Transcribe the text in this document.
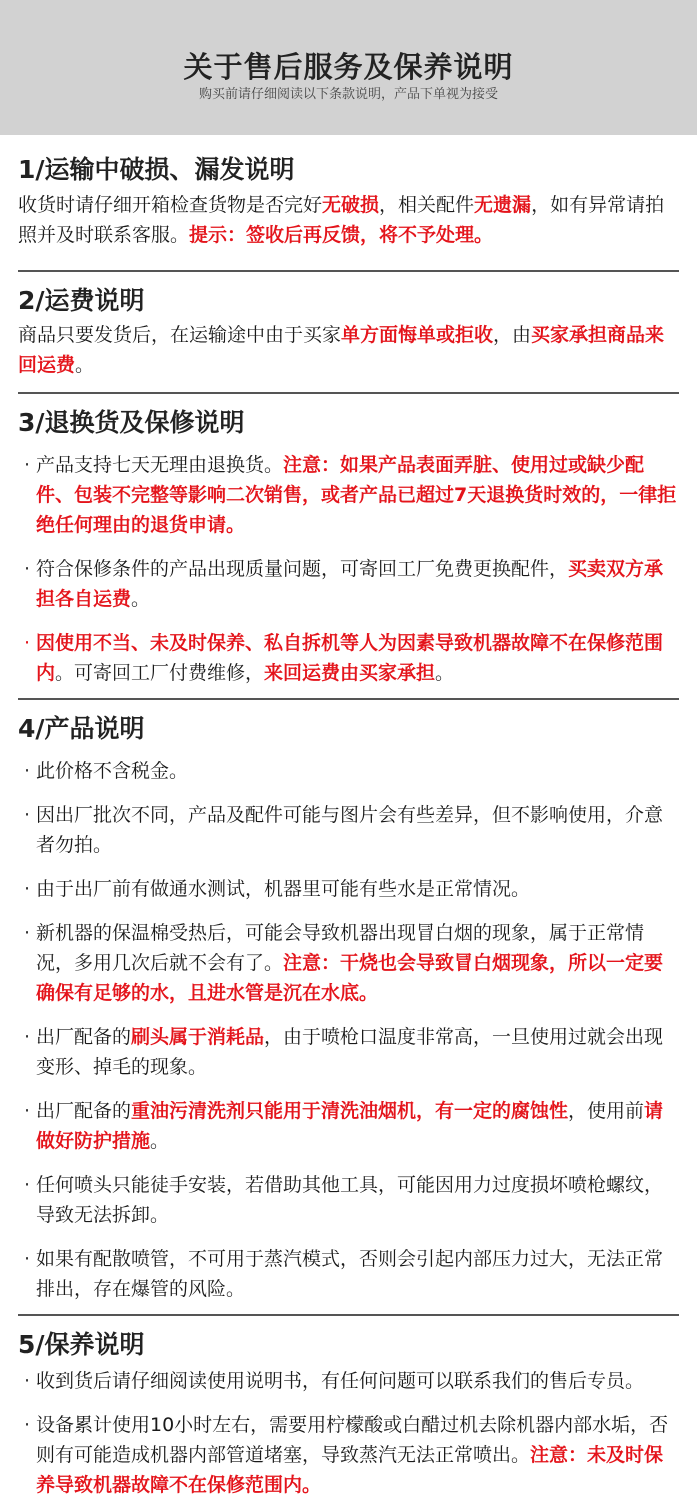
关于售后服务及保养说明
购买前请仔细阅读以下条款说明，产品下单视为接受
1/运输中破损、漏发说明

收货时请仔细开箱检查货物是否完好无破损，相关配件无遗漏，如有异常请拍照并及时联系客服。提示：签收后再反馈，将不予处理。

2/运费说明

商品只要发货后，在运输途中由于买家单方面悔单或拒收，由买家承担商品来回运费。

3/退换货及保修说明
· 产品支持七天无理由退换货。注意：如果产品表面弄脏、使用过或缺少配件、包装不完整等影响二次销售，或者产品已超过7天退换货时效的，一律拒绝任何理由的退货申请。
· 符合保修条件的产品出现质量问题，可寄回工厂免费更换配件，买卖双方承担各自运费。
· 因使用不当、未及时保养、私自拆机等人为因素导致机器故障不在保修范围内。可寄回工厂付费维修，来回运费由买家承担。
4/产品说明
· 此价格不含税金。
· 因出厂批次不同，产品及配件可能与图片会有些差异，但不影响使用，介意者勿拍。
· 由于出厂前有做通水测试，机器里可能有些水是正常情况。
· 新机器的保温棉受热后，可能会导致机器出现冒白烟的现象，属于正常情况，多用几次后就不会有了。注意：干烧也会导致冒白烟现象，所以一定要确保有足够的水，且进水管是沉在水底。
· 出厂配备的刷头属于消耗品，由于喷枪口温度非常高，一旦使用过就会出现变形、掉毛的现象。
· 出厂配备的重油污清洗剂只能用于清洗油烟机，有一定的腐蚀性，使用前请做好防护措施。
· 任何喷头只能徒手安装，若借助其他工具，可能因用力过度损坏喷枪螺纹，导致无法拆卸。
· 如果有配散喷管，不可用于蒸汽模式，否则会引起内部压力过大，无法正常排出，存在爆管的风险。
5/保养说明
· 收到货后请仔细阅读使用说明书，有任何问题可以联系我们的售后专员。
· 设备累计使用10小时左右，需要用柠檬酸或白醋过机去除机器内部水垢，否则有可能造成机器内部管道堵塞，导致蒸汽无法正常喷出。注意：未及时保养导致机器故障不在保修范围内。
